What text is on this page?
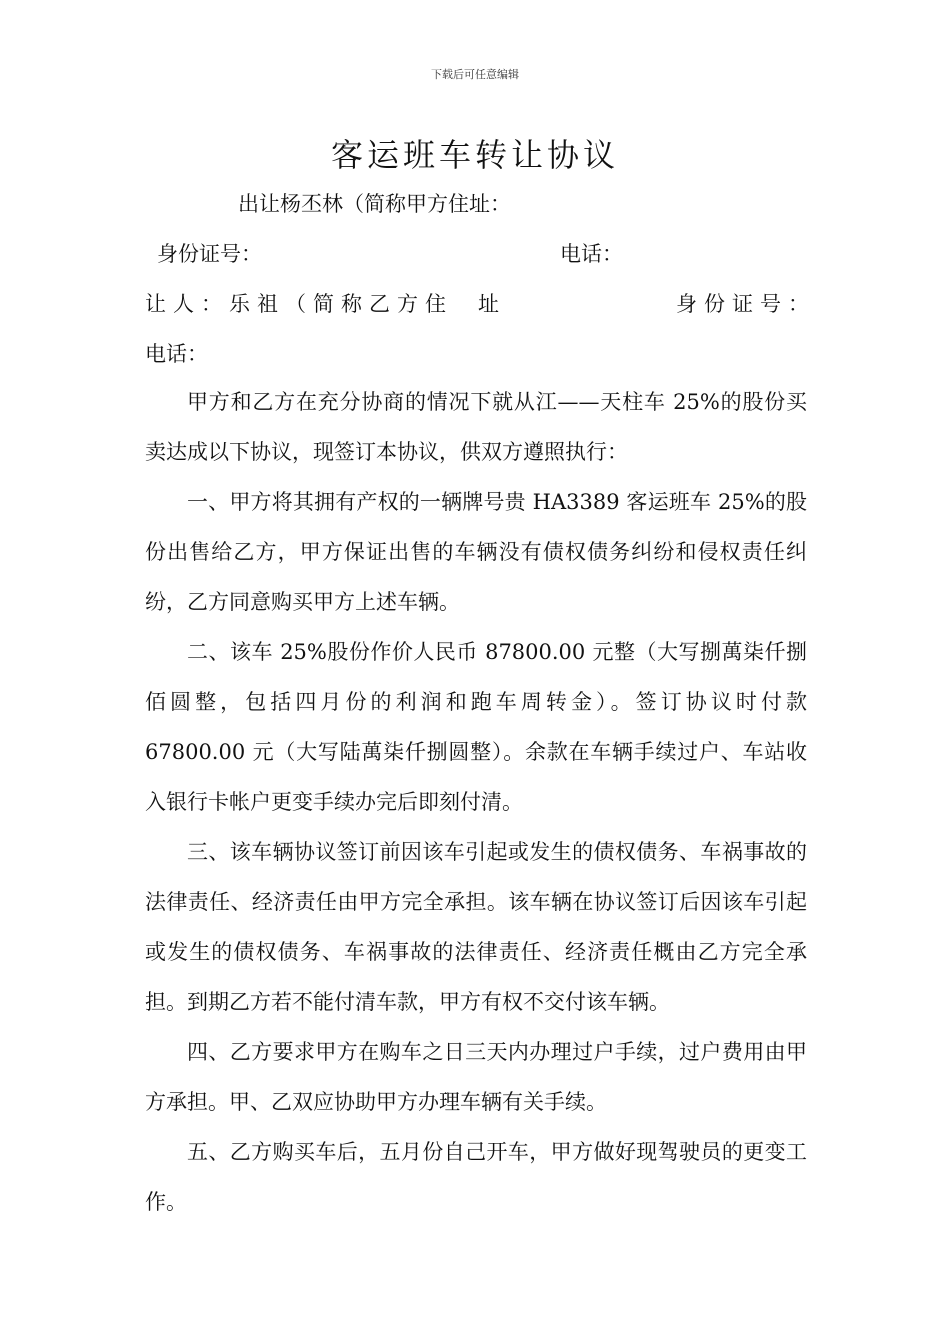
下载后可任意编辑
客运班车转让协议
出让杨丕林（简称甲方住址：
身份证号：	电话：
让人：乐祖（简称乙方住 址	身份证号：
电话：
甲方和乙方在充分协商的情况下就从江——天柱车 25%的股份买卖达成以下协议，现签订本协议，供双方遵照执行：
一、甲方将其拥有产权的一辆牌号贵 HA3389 客运班车 25%的股份出售给乙方，甲方保证出售的车辆没有债权债务纠纷和侵权责任纠纷，乙方同意购买甲方上述车辆。
二、该车 25%股份作价人民币 87800.00 元整（大写捌萬柒仟捌佰圆整，包括四月份的利润和跑车周转金）。签订协议时付款 67800.00 元（大写陆萬柒仟捌圆整）。余款在车辆手续过户、车站收入银行卡帐户更变手续办完后即刻付清。
三、该车辆协议签订前因该车引起或发生的债权债务、车祸事故的法律责任、经济责任由甲方完全承担。该车辆在协议签订后因该车引起或发生的债权债务、车祸事故的法律责任、经济责任概由乙方完全承担。到期乙方若不能付清车款，甲方有权不交付该车辆。
四、乙方要求甲方在购车之日三天内办理过户手续，过户费用由甲方承担。甲、乙双应协助甲方办理车辆有关手续。
五、乙方购买车后，五月份自己开车，甲方做好现驾驶员的更变工作。
